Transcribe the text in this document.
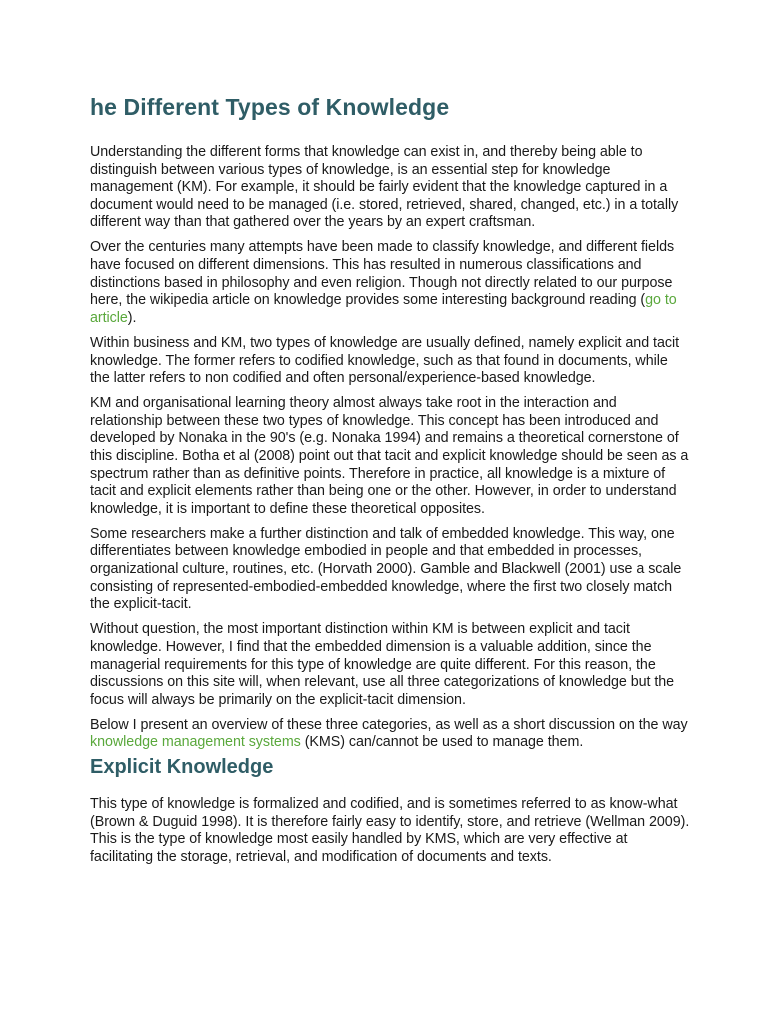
he Different Types of Knowledge

Understanding the different forms that knowledge can exist in, and thereby being able to distinguish between various types of knowledge, is an essential step for knowledge management (KM). For example, it should be fairly evident that the knowledge captured in a document would need to be managed (i.e. stored, retrieved, shared, changed, etc.) in a totally different way than that gathered over the years by an expert craftsman.

Over the centuries many attempts have been made to classify knowledge, and different fields have focused on different dimensions. This has resulted in numerous classifications and distinctions based in philosophy and even religion. Though not directly related to our purpose here, the wikipedia article on knowledge provides some interesting background reading (go to article).

Within business and KM, two types of knowledge are usually defined, namely explicit and tacit knowledge. The former refers to codified knowledge, such as that found in documents, while the latter refers to non codified and often personal/experience-based knowledge.

KM and organisational learning theory almost always take root in the interaction and relationship between these two types of knowledge. This concept has been introduced and developed by Nonaka in the 90's (e.g. Nonaka 1994) and remains a theoretical cornerstone of this discipline. Botha et al (2008) point out that tacit and explicit knowledge should be seen as a spectrum rather than as definitive points. Therefore in practice, all knowledge is a mixture of tacit and explicit elements rather than being one or the other. However, in order to understand knowledge, it is important to define these theoretical opposites.

Some researchers make a further distinction and talk of embedded knowledge. This way, one differentiates between knowledge embodied in people and that embedded in processes, organizational culture, routines, etc. (Horvath 2000). Gamble and Blackwell (2001) use a scale consisting of represented-embodied-embedded knowledge, where the first two closely match the explicit-tacit.

Without question, the most important distinction within KM is between explicit and tacit knowledge. However, I find that the embedded dimension is a valuable addition, since the managerial requirements for this type of knowledge are quite different. For this reason, the discussions on this site will, when relevant, use all three categorizations of knowledge but the focus will always be primarily on the explicit-tacit dimension.

Below I present an overview of these three categories, as well as a short discussion on the way knowledge management systems (KMS) can/cannot be used to manage them.

Explicit Knowledge

This type of knowledge is formalized and codified, and is sometimes referred to as know-what (Brown & Duguid 1998). It is therefore fairly easy to identify, store, and retrieve (Wellman 2009). This is the type of knowledge most easily handled by KMS, which are very effective at facilitating the storage, retrieval, and modification of documents and texts.
